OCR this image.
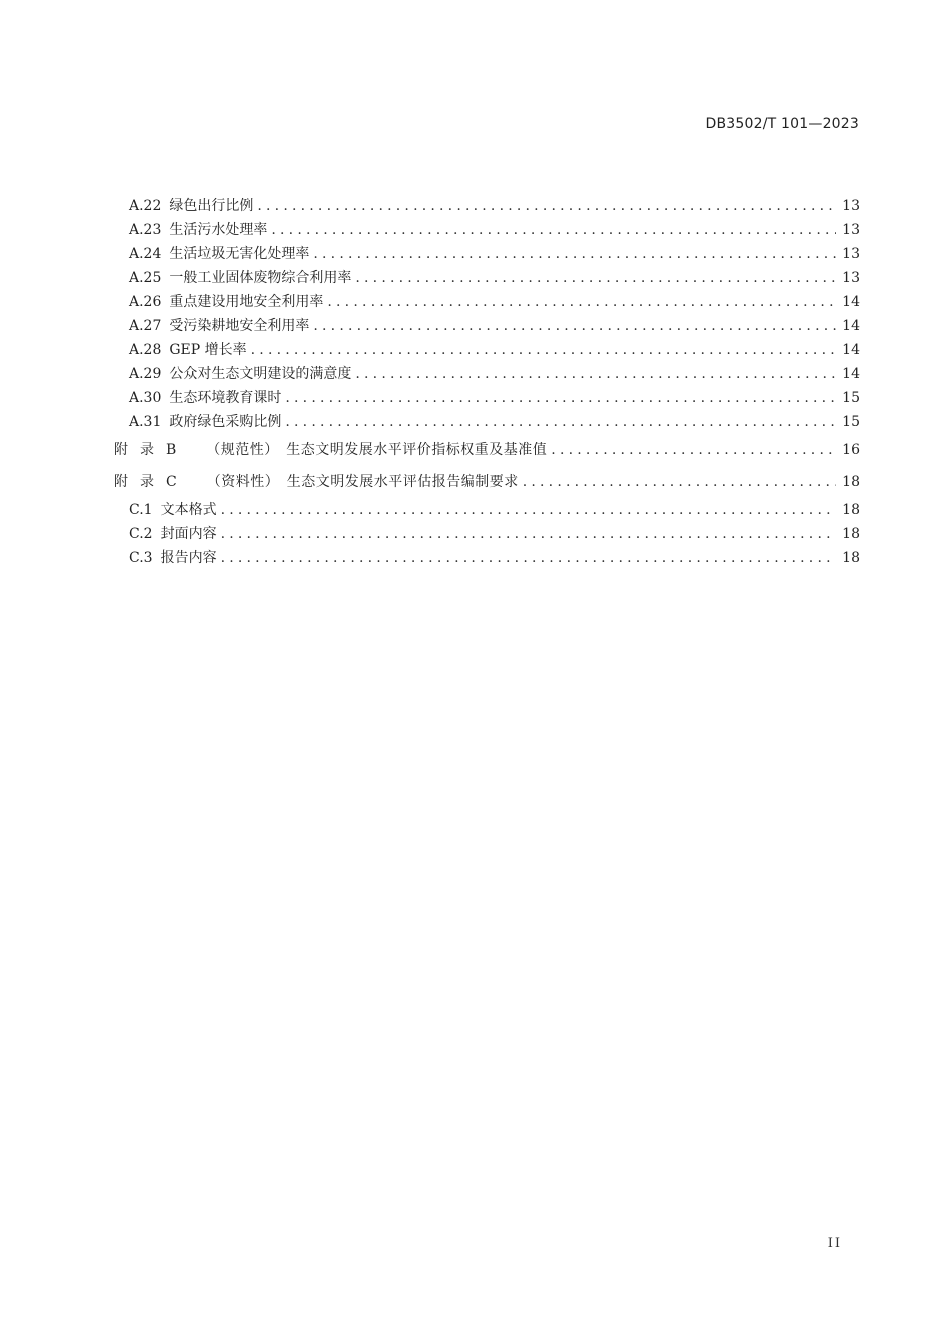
DB3502/T 101—2023
A.22 绿色出行比例 .....	13
A.23 生活污水处理率 .....	13
A.24 生活垃圾无害化处理率 .....	13
A.25 一般工业固体废物综合利用率 .....	13
A.26 重点建设用地安全利用率 .....	14
A.27 受污染耕地安全利用率 .....	14
A.28 GEP 增长率 .....	14
A.29 公众对生态文明建设的满意度 .....	14
A.30 生态环境教育课时 .....	15
A.31 政府绿色采购比例 .....	15
附录B （规范性）　生态文明发展水平评价指标权重及基准值 .....	16
附录C （资料性）　生态文明发展水平评估报告编制要求 .....	18
C.1 文本格式 .....	18
C.2 封面内容 .....	18
C.3 报告内容 .....	18
II
